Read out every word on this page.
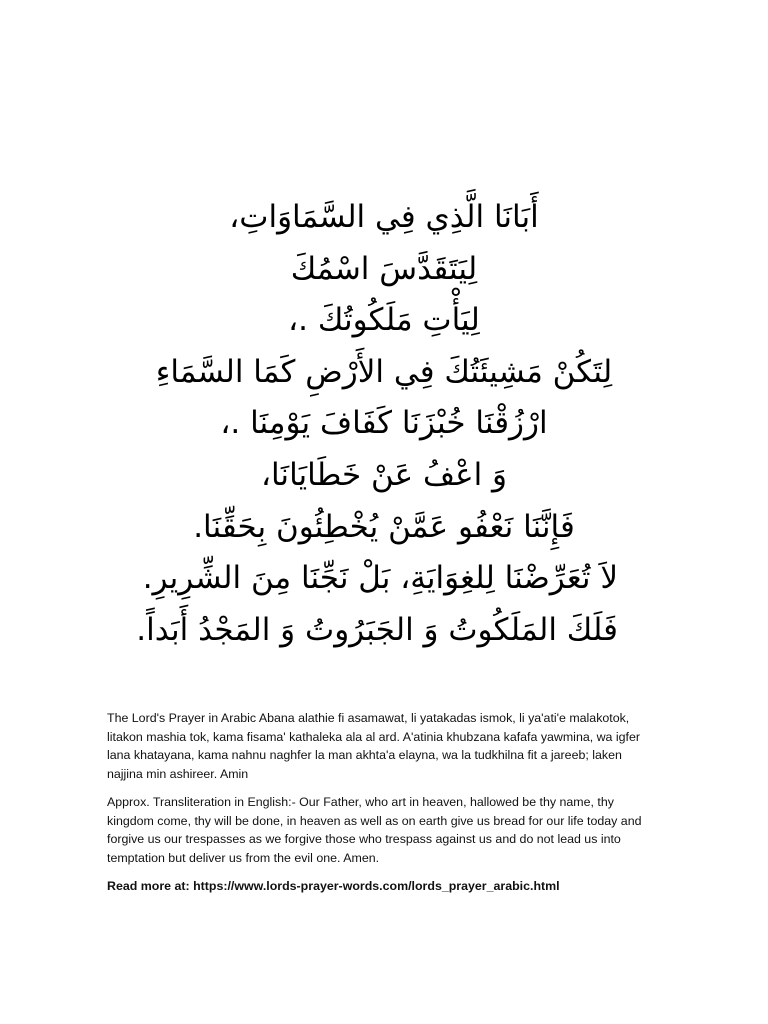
أَبَانَا الَّذِي فِي السَّمَاوَاتِ،
لِيَتَقَدَّسَ اسْمُكَ
لِيَأْتِ مَلَكُوتُكَ .،
لِتَكُنْ مَشِيئَتُكَ فِي الأَرْضِ كَمَا السَّمَاءِ
ارْزُقْنَا خُبْزَنَا كَفَافَ يَوْمِنَا .،
وَ اعْفُ عَنْ خَطَايَانَا،
فَإِنَّنَا نَعْفُو عَمَّنْ يُخْطِئُونَ بِحَقِّنَا.
لاَ تُعَرِّضْنَا لِلغِوَايَةِ، بَلْ نَجِّنَا مِنَ الشِّرِيرِ.
فَلَكَ المَلَكُوتُ وَ الجَبَرُوتُ وَ المَجْدُ أَبَداً.

The Lord's Prayer in Arabic Abana alathie fi asamawat, li yatakadas ismok, li ya'ati'e malakotok, litakon mashia tok, kama fisama' kathaleka ala al ard. A'atinia khubzana kafafa yawmina, wa igfer lana khatayana, kama nahnu naghfer la man akhta'a elayna, wa la tudkhilna fit a jareeb; laken najjina min ashireer. Amin

Approx. Transliteration in English:- Our Father, who art in heaven, hallowed be thy name, thy kingdom come, thy will be done, in heaven as well as on earth give us bread for our life today and forgive us our trespasses as we forgive those who trespass against us and do not lead us into temptation but deliver us from the evil one. Amen.

Read more at: https://www.lords-prayer-words.com/lords_prayer_arabic.html
